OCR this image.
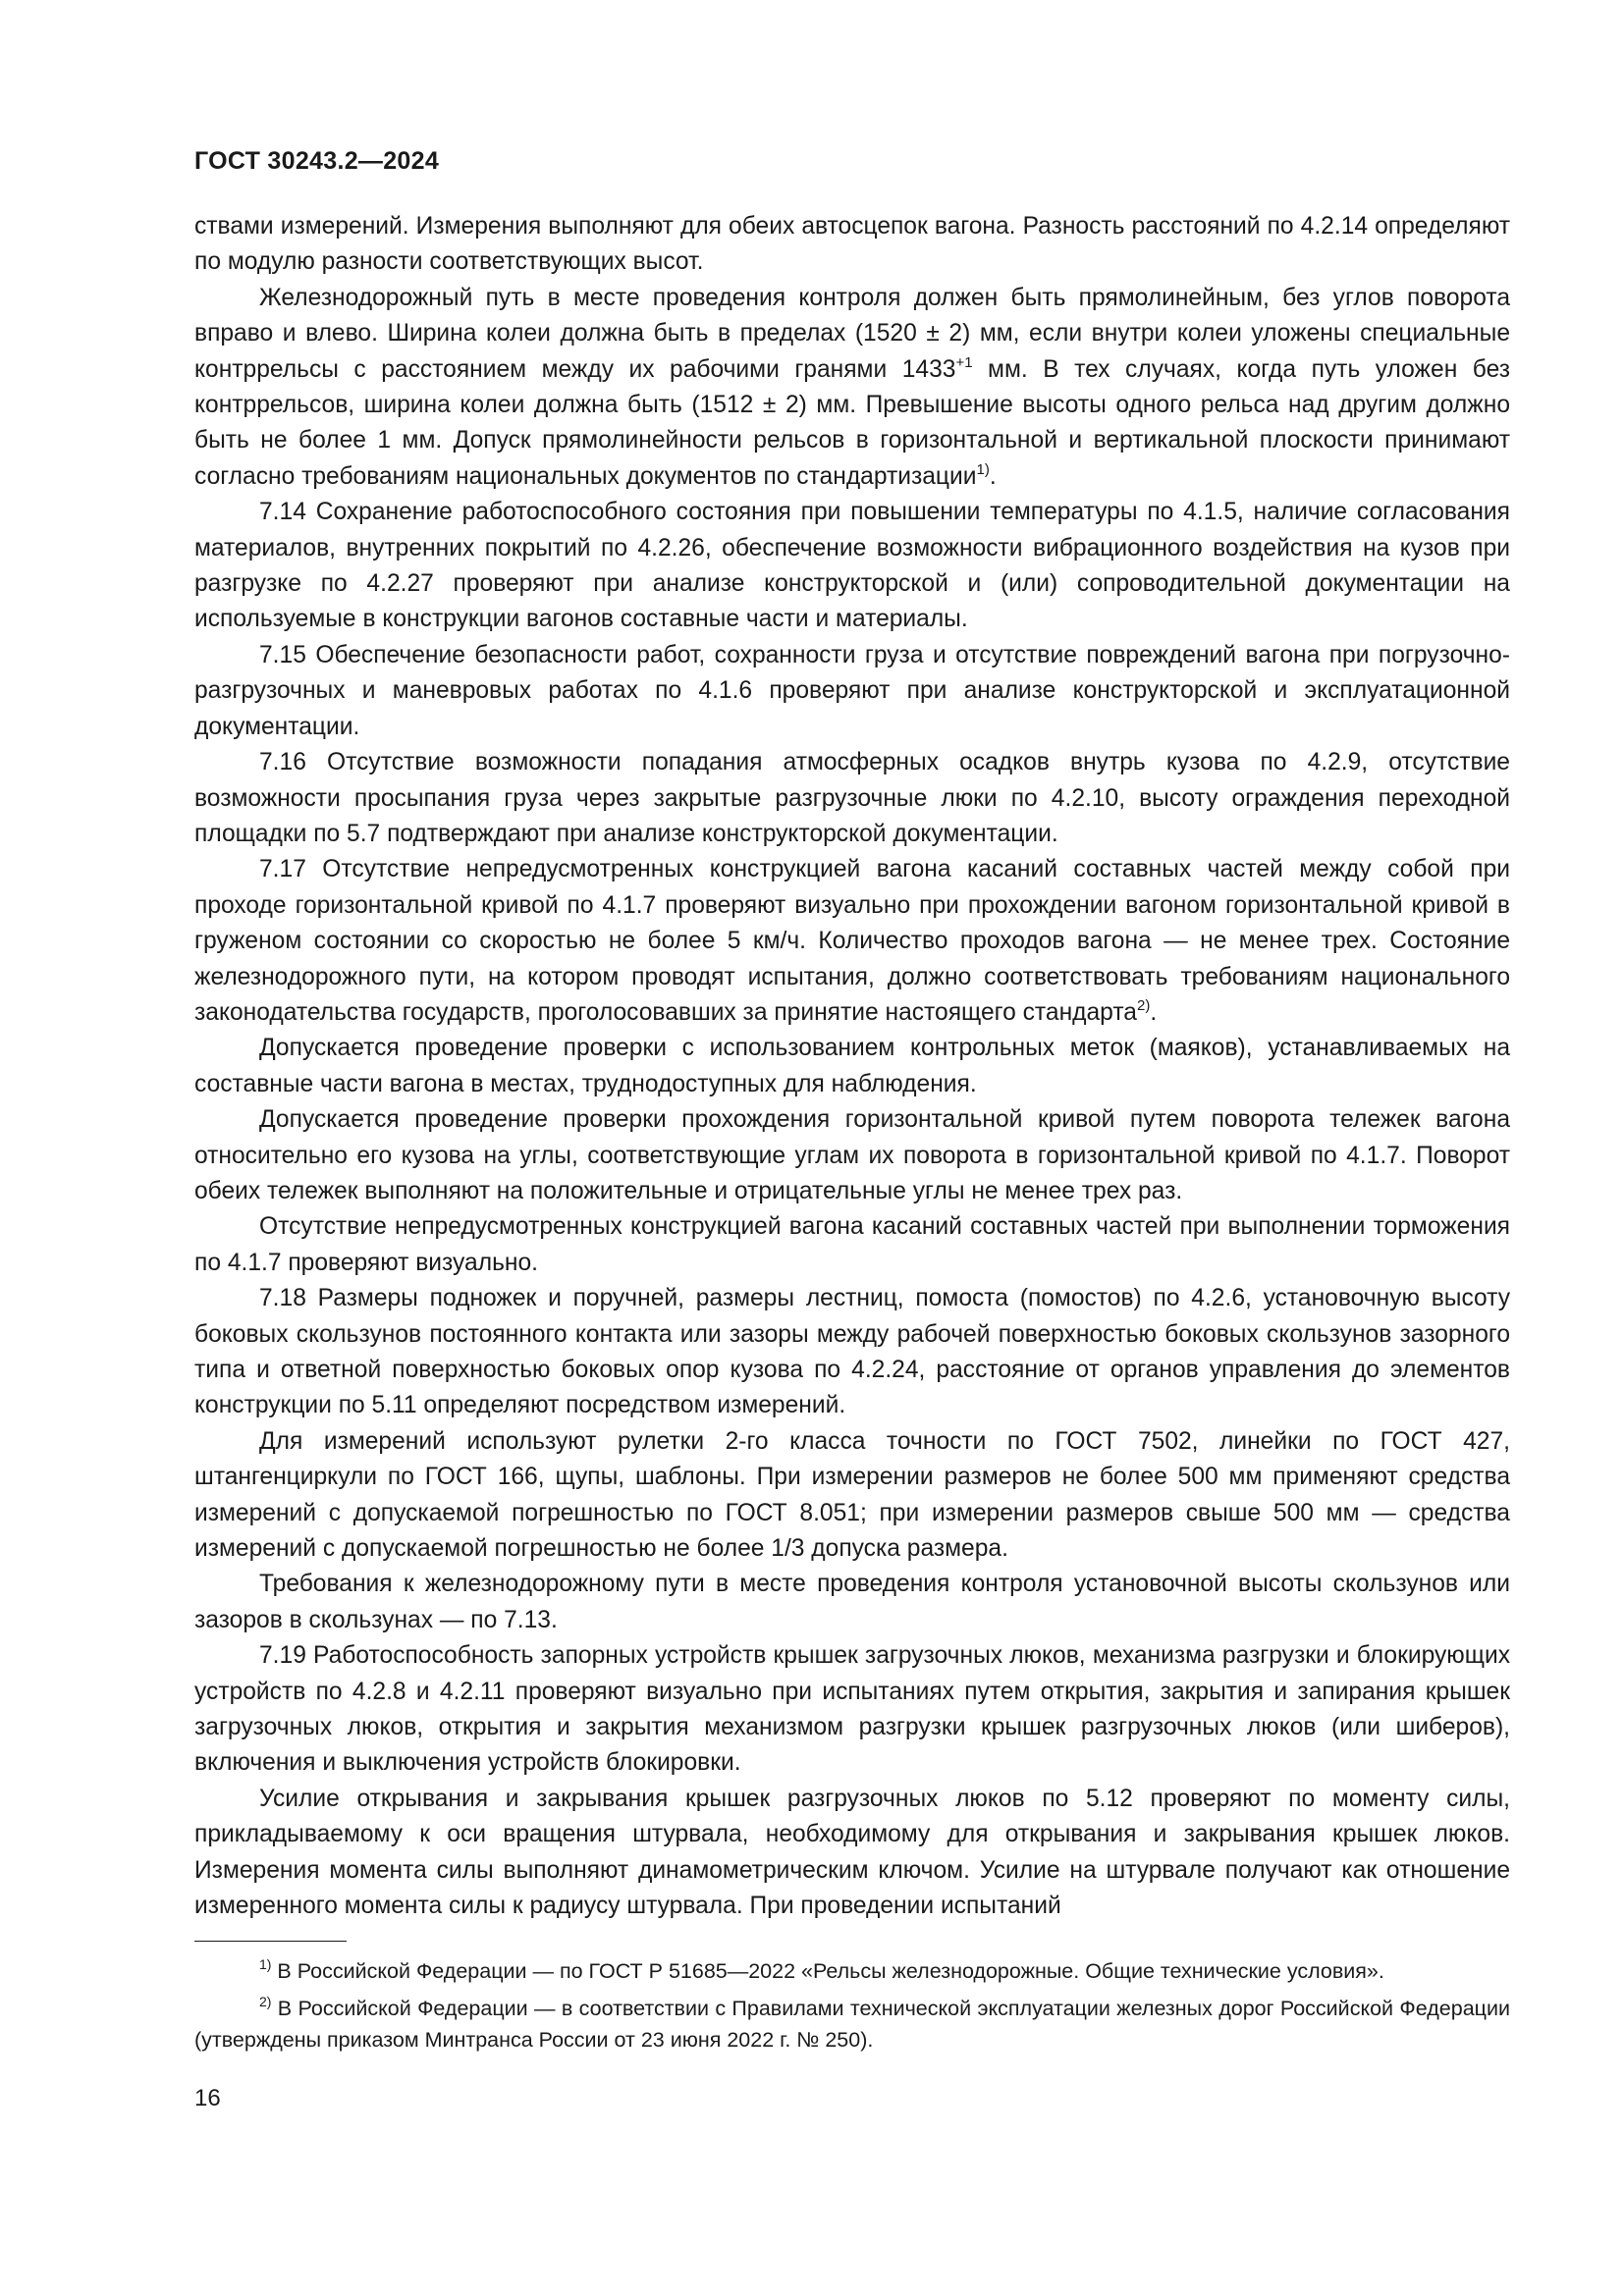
ГОСТ 30243.2—2024

ствами измерений. Измерения выполняют для обеих автосцепок вагона. Разность расстояний по 4.2.14 определяют по модулю разности соответствующих высот.

Железнодорожный путь в месте проведения контроля должен быть прямолинейным, без углов поворота вправо и влево. Ширина колеи должна быть в пределах (1520 ± 2) мм, если внутри колеи уложены специальные контррельсы с расстоянием между их рабочими гранями $1433^{+1}$ мм. В тех случаях, когда путь уложен без контррельсов, ширина колеи должна быть (1512 ± 2) мм. Превышение высоты одного рельса над другим должно быть не более 1 мм. Допуск прямолинейности рельсов в горизонтальной и вертикальной плоскости принимают согласно требованиям национальных документов по стандартизации$^{1)}$.

7.14 Сохранение работоспособного состояния при повышении температуры по 4.1.5, наличие согласования материалов, внутренних покрытий по 4.2.26, обеспечение возможности вибрационного воздействия на кузов при разгрузке по 4.2.27 проверяют при анализе конструкторской и (или) сопроводительной документации на используемые в конструкции вагонов составные части и материалы.

7.15 Обеспечение безопасности работ, сохранности груза и отсутствие повреждений вагона при погрузочно-разгрузочных и маневровых работах по 4.1.6 проверяют при анализе конструкторской и эксплуатационной документации.

7.16 Отсутствие возможности попадания атмосферных осадков внутрь кузова по 4.2.9, отсутствие возможности просыпания груза через закрытые разгрузочные люки по 4.2.10, высоту ограждения переходной площадки по 5.7 подтверждают при анализе конструкторской документации.

7.17 Отсутствие непредусмотренных конструкцией вагона касаний составных частей между собой при проходе горизонтальной кривой по 4.1.7 проверяют визуально при прохождении вагоном горизонтальной кривой в груженом состоянии со скоростью не более 5 км/ч. Количество проходов вагона — не менее трех. Состояние железнодорожного пути, на котором проводят испытания, должно соответствовать требованиям национального законодательства государств, проголосовавших за принятие настоящего стандарта$^{2)}$.

Допускается проведение проверки с использованием контрольных меток (маяков), устанавливаемых на составные части вагона в местах, труднодоступных для наблюдения.

Допускается проведение проверки прохождения горизонтальной кривой путем поворота тележек вагона относительно его кузова на углы, соответствующие углам их поворота в горизонтальной кривой по 4.1.7. Поворот обеих тележек выполняют на положительные и отрицательные углы не менее трех раз.

Отсутствие непредусмотренных конструкцией вагона касаний составных частей при выполнении торможения по 4.1.7 проверяют визуально.

7.18 Размеры подножек и поручней, размеры лестниц, помоста (помостов) по 4.2.6, установочную высоту боковых скользунов постоянного контакта или зазоры между рабочей поверхностью боковых скользунов зазорного типа и ответной поверхностью боковых опор кузова по 4.2.24, расстояние от органов управления до элементов конструкции по 5.11 определяют посредством измерений.

Для измерений используют рулетки 2-го класса точности по ГОСТ 7502, линейки по ГОСТ 427, штангенциркули по ГОСТ 166, щупы, шаблоны. При измерении размеров не более 500 мм применяют средства измерений с допускаемой погрешностью по ГОСТ 8.051; при измерении размеров свыше 500 мм — средства измерений с допускаемой погрешностью не более 1/3 допуска размера.

Требования к железнодорожному пути в месте проведения контроля установочной высоты скользунов или зазоров в скользунах — по 7.13.

7.19 Работоспособность запорных устройств крышек загрузочных люков, механизма разгрузки и блокирующих устройств по 4.2.8 и 4.2.11 проверяют визуально при испытаниях путем открытия, закрытия и запирания крышек загрузочных люков, открытия и закрытия механизмом разгрузки крышек разгрузочных люков (или шиберов), включения и выключения устройств блокировки.

Усилие открывания и закрывания крышек разгрузочных люков по 5.12 проверяют по моменту силы, прикладываемому к оси вращения штурвала, необходимому для открывания и закрывания крышек люков. Измерения момента силы выполняют динамометрическим ключом. Усилие на штурвале получают как отношение измеренного момента силы к радиусу штурвала. При проведении испытаний

$^{1)}$ В Российской Федерации — по ГОСТ Р 51685—2022 «Рельсы железнодорожные. Общие технические условия».

$^{2)}$ В Российской Федерации — в соответствии с Правилами технической эксплуатации железных дорог Российской Федерации (утверждены приказом Минтранса России от 23 июня 2022 г. № 250).

16
